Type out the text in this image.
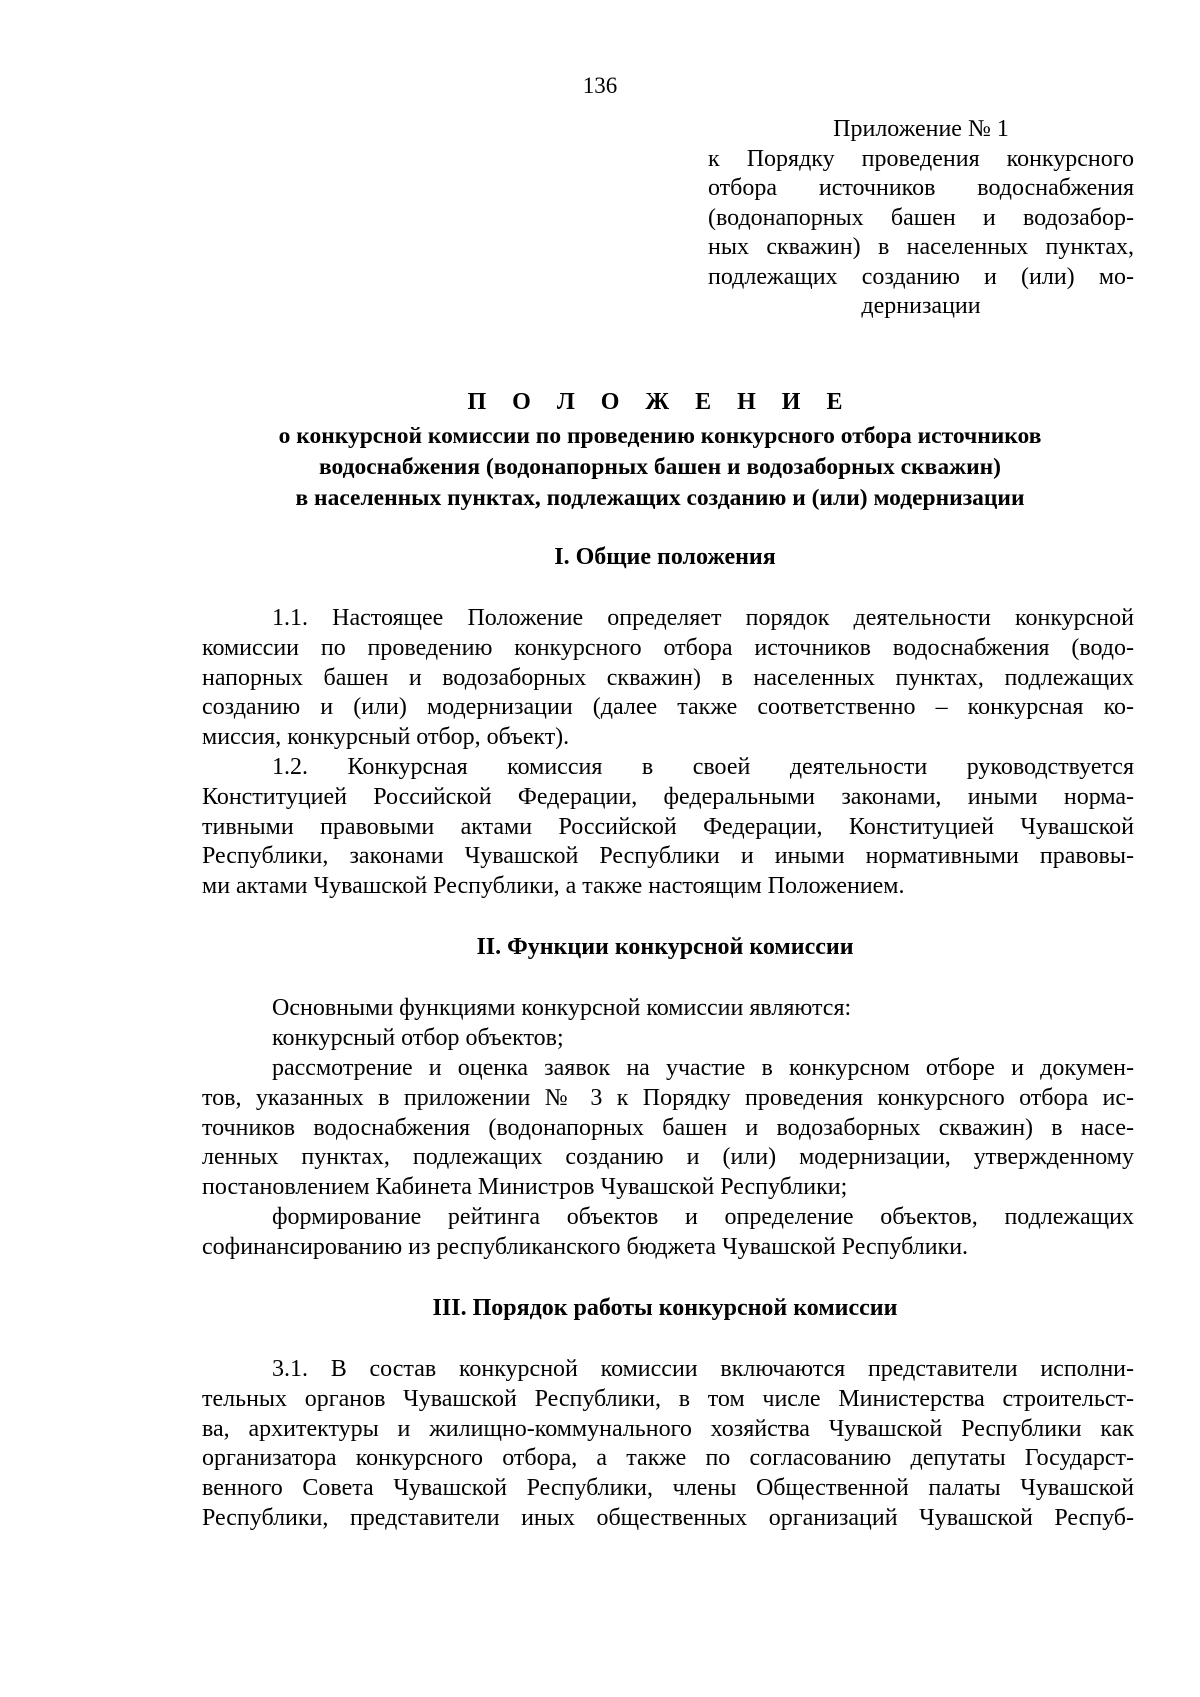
136
Приложение № 1
к Порядку проведения конкурсного
отбора источников водоснабжения
(водонапорных башен и водозабор-
ных скважин) в населенных пунктах,
подлежащих созданию и (или) мо-
дернизации
П О Л О Ж Е Н И Е
о конкурсной комиссии по проведению конкурсного отбора источников
водоснабжения (водонапорных башен и водозаборных скважин)
в населенных пунктах, подлежащих созданию и (или) модернизации
I. Общие положения
1.1. Настоящее Положение определяет порядок деятельности конкурсной
комиссии по проведению конкурсного отбора источников водоснабжения (водо-
напорных башен и водозаборных скважин) в населенных пунктах, подлежащих
созданию и (или) модернизации (далее также соответственно – конкурсная ко-
миссия, конкурсный отбор, объект).
1.2. Конкурсная комиссия в своей деятельности руководствуется
Конституцией Российской Федерации, федеральными законами, иными норма-
тивными правовыми актами Российской Федерации, Конституцией Чувашской
Республики, законами Чувашской Республики и иными нормативными правовы-
ми актами Чувашской Республики, а также настоящим Положением.
II. Функции конкурсной комиссии
Основными функциями конкурсной комиссии являются:
конкурсный отбор объектов;
рассмотрение и оценка заявок на участие в конкурсном отборе и докумен-
тов, указанных в приложении № 3 к Порядку проведения конкурсного отбора ис-
точников водоснабжения (водонапорных башен и водозаборных скважин) в насе-
ленных пунктах, подлежащих созданию и (или) модернизации, утвержденному
постановлением Кабинета Министров Чувашской Республики;
формирование рейтинга объектов и определение объектов, подлежащих
софинансированию из республиканского бюджета Чувашской Республики.
III. Порядок работы конкурсной комиссии
3.1. В состав конкурсной комиссии включаются представители исполни-
тельных органов Чувашской Республики, в том числе Министерства строительст-
ва, архитектуры и жилищно-коммунального хозяйства Чувашской Республики как
организатора конкурсного отбора, а также по согласованию депутаты Государст-
венного Совета Чувашской Республики, члены Общественной палаты Чувашской
Республики, представители иных общественных организаций Чувашской Респуб-
